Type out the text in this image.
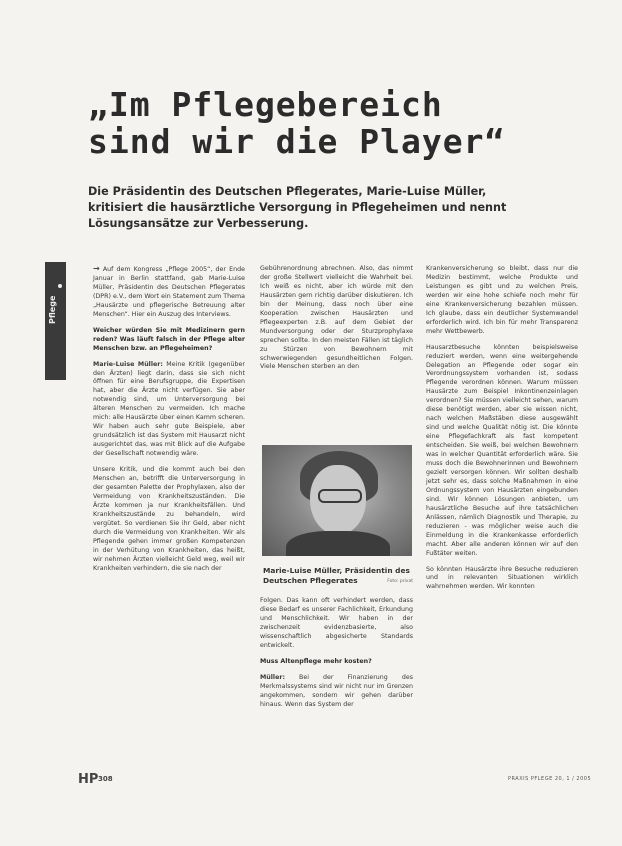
„Im Pflegebereich
sind wir die Player“
Die Präsidentin des Deutschen Pflegerates, Marie-Luise Müller, kritisiert die hausärztliche Versorgung in Pflegeheimen und nennt Lösungsansätze zur Verbesserung.
Pflege

→ Auf dem Kongress „Pflege 2005“, der Ende Januar in Berlin stattfand, gab Marie-Luise Müller, Präsidentin des Deutschen Pflegerates (DPR) e.V., dem Wort ein Statement zum Thema „Hausärzte und pflegerische Betreuung alter Menschen“. Hier ein Auszug des Interviews.

Weicher würden Sie mit Medizinern gern reden? Was läuft falsch in der Pflege alter Menschen bzw. an Pflegeheimen?

Marie-Luise Müller: Meine Kritik (gegenüber den Ärzten) liegt darin, dass sie sich nicht öffnen für eine Berufsgruppe, die Expertisen hat, aber die Ärzte nicht verfügen. Sie aber notwendig sind, um Unterversorgung bei älteren Menschen zu vermeiden. Ich mache mich: alle Hausärzte über einen Kamm scheren. Wir haben auch sehr gute Beispiele, aber grundsätzlich ist das System mit Hausarzt nicht ausgerichtet das, was mit Blick auf die Aufgabe der Gesellschaft notwendig wäre.

Unsere Kritik, und die kommt auch bei den Menschen an, betrifft die Unterversorgung in der gesamten Palette der Prophylaxen, also der Vermeidung von Krankheitszuständen. Die Ärzte kommen ja nur Krankheitsfällen. Und Krankheitszustände zu behandeln, wird vergütet. So verdienen Sie ihr Geld, aber nicht durch die Vermeidung von Krankheiten. Wir als Pflegende gehen immer großen Kompetenzen in der Verhütung von Krankheiten, das heißt, wir nehmen Ärzten vielleicht Geld weg, weil wir Krankheiten verhindern, die sie nach der

Gebührenordnung abrechnen. Also, das nimmt der große Stellwert vielleicht die Wahrheit bei. Ich weiß es nicht, aber ich würde mit den Hausärzten gern richtig darüber diskutieren. Ich bin der Meinung, dass noch über eine Kooperation zwischen Hausärzten und Pflegeexperten z.B. auf dem Gebiet der Mundversorgung oder der Sturzprophylaxe sprechen sollte. In den meisten Fällen ist täglich zu Stürzen von Bewohnern mit schwerwiegenden gesundheitlichen Folgen. Viele Menschen sterben an den

Marie-Luise Müller, Präsidentin des Deutschen Pflegerates	Foto: privat

Folgen. Das kann oft verhindert werden, dass diese Bedarf es unserer Fachlichkeit, Erkundung und Menschlichkeit. Wir haben in der zwischenzeit evidenzbasierte, also wissenschaftlich abgesicherte Standards entwickelt.

Muss Altenpflege mehr kosten?

Müller: Bei der Finanzierung des Merkmalssystems sind wir nicht nur im Grenzen angekommen, sondern wir gehen darüber hinaus. Wenn das System der

Krankenversicherung so bleibt, dass nur die Medizin bestimmt, welche Produkte und Leistungen es gibt und zu welchen Preis, werden wir eine hohe schiefe noch mehr für eine Krankenversicherung bezahlen müssen. Ich glaube, dass ein deutlicher Systemwandel erforderlich wird. Ich bin für mehr Transparenz mehr Wettbewerb.

Hausarztbesuche könnten beispielsweise reduziert werden, wenn eine weitergehende Delegation an Pflegende oder sogar ein Verordnungssystem vorhanden ist, sodass Pflegende verordnen können. Warum müssen Hausärzte zum Beispiel Inkontinenzeinlagen verordnen? Sie müssen vielleicht sehen, warum diese benötigt werden, aber sie wissen nicht, nach welchen Maßstäben diese ausgewählt sind und welche Qualität nötig ist. Die könnte eine Pflegefachkraft als fast kompetent entscheiden. Sie weiß, bei welchen Bewohnern was in welcher Quantität erforderlich wäre. Sie muss doch die Bewohnerinnen und Bewohnern gezielt versorgen können. Wir sollten deshalb jetzt sehr es, dass solche Maßnahmen in eine Ordnungssystem von Hausärzten eingebunden sind. Wir können Lösungen anbieten, um hausärztliche Besuche auf ihre tatsächlichen Anlässen, nämlich Diagnostik und Therapie, zu reduzieren - was möglicher weise auch die Einmeldung in die Krankenkasse erforderlich macht. Aber alle anderen können wir auf den Fußtäter weiten.

So könnten Hausärzte ihre Besuche reduzieren und in relevanten Situationen wirklich wahrnehmen werden. Wir konnten

HP 308	PRAXIS PFLEGE 20, 1 / 2005
